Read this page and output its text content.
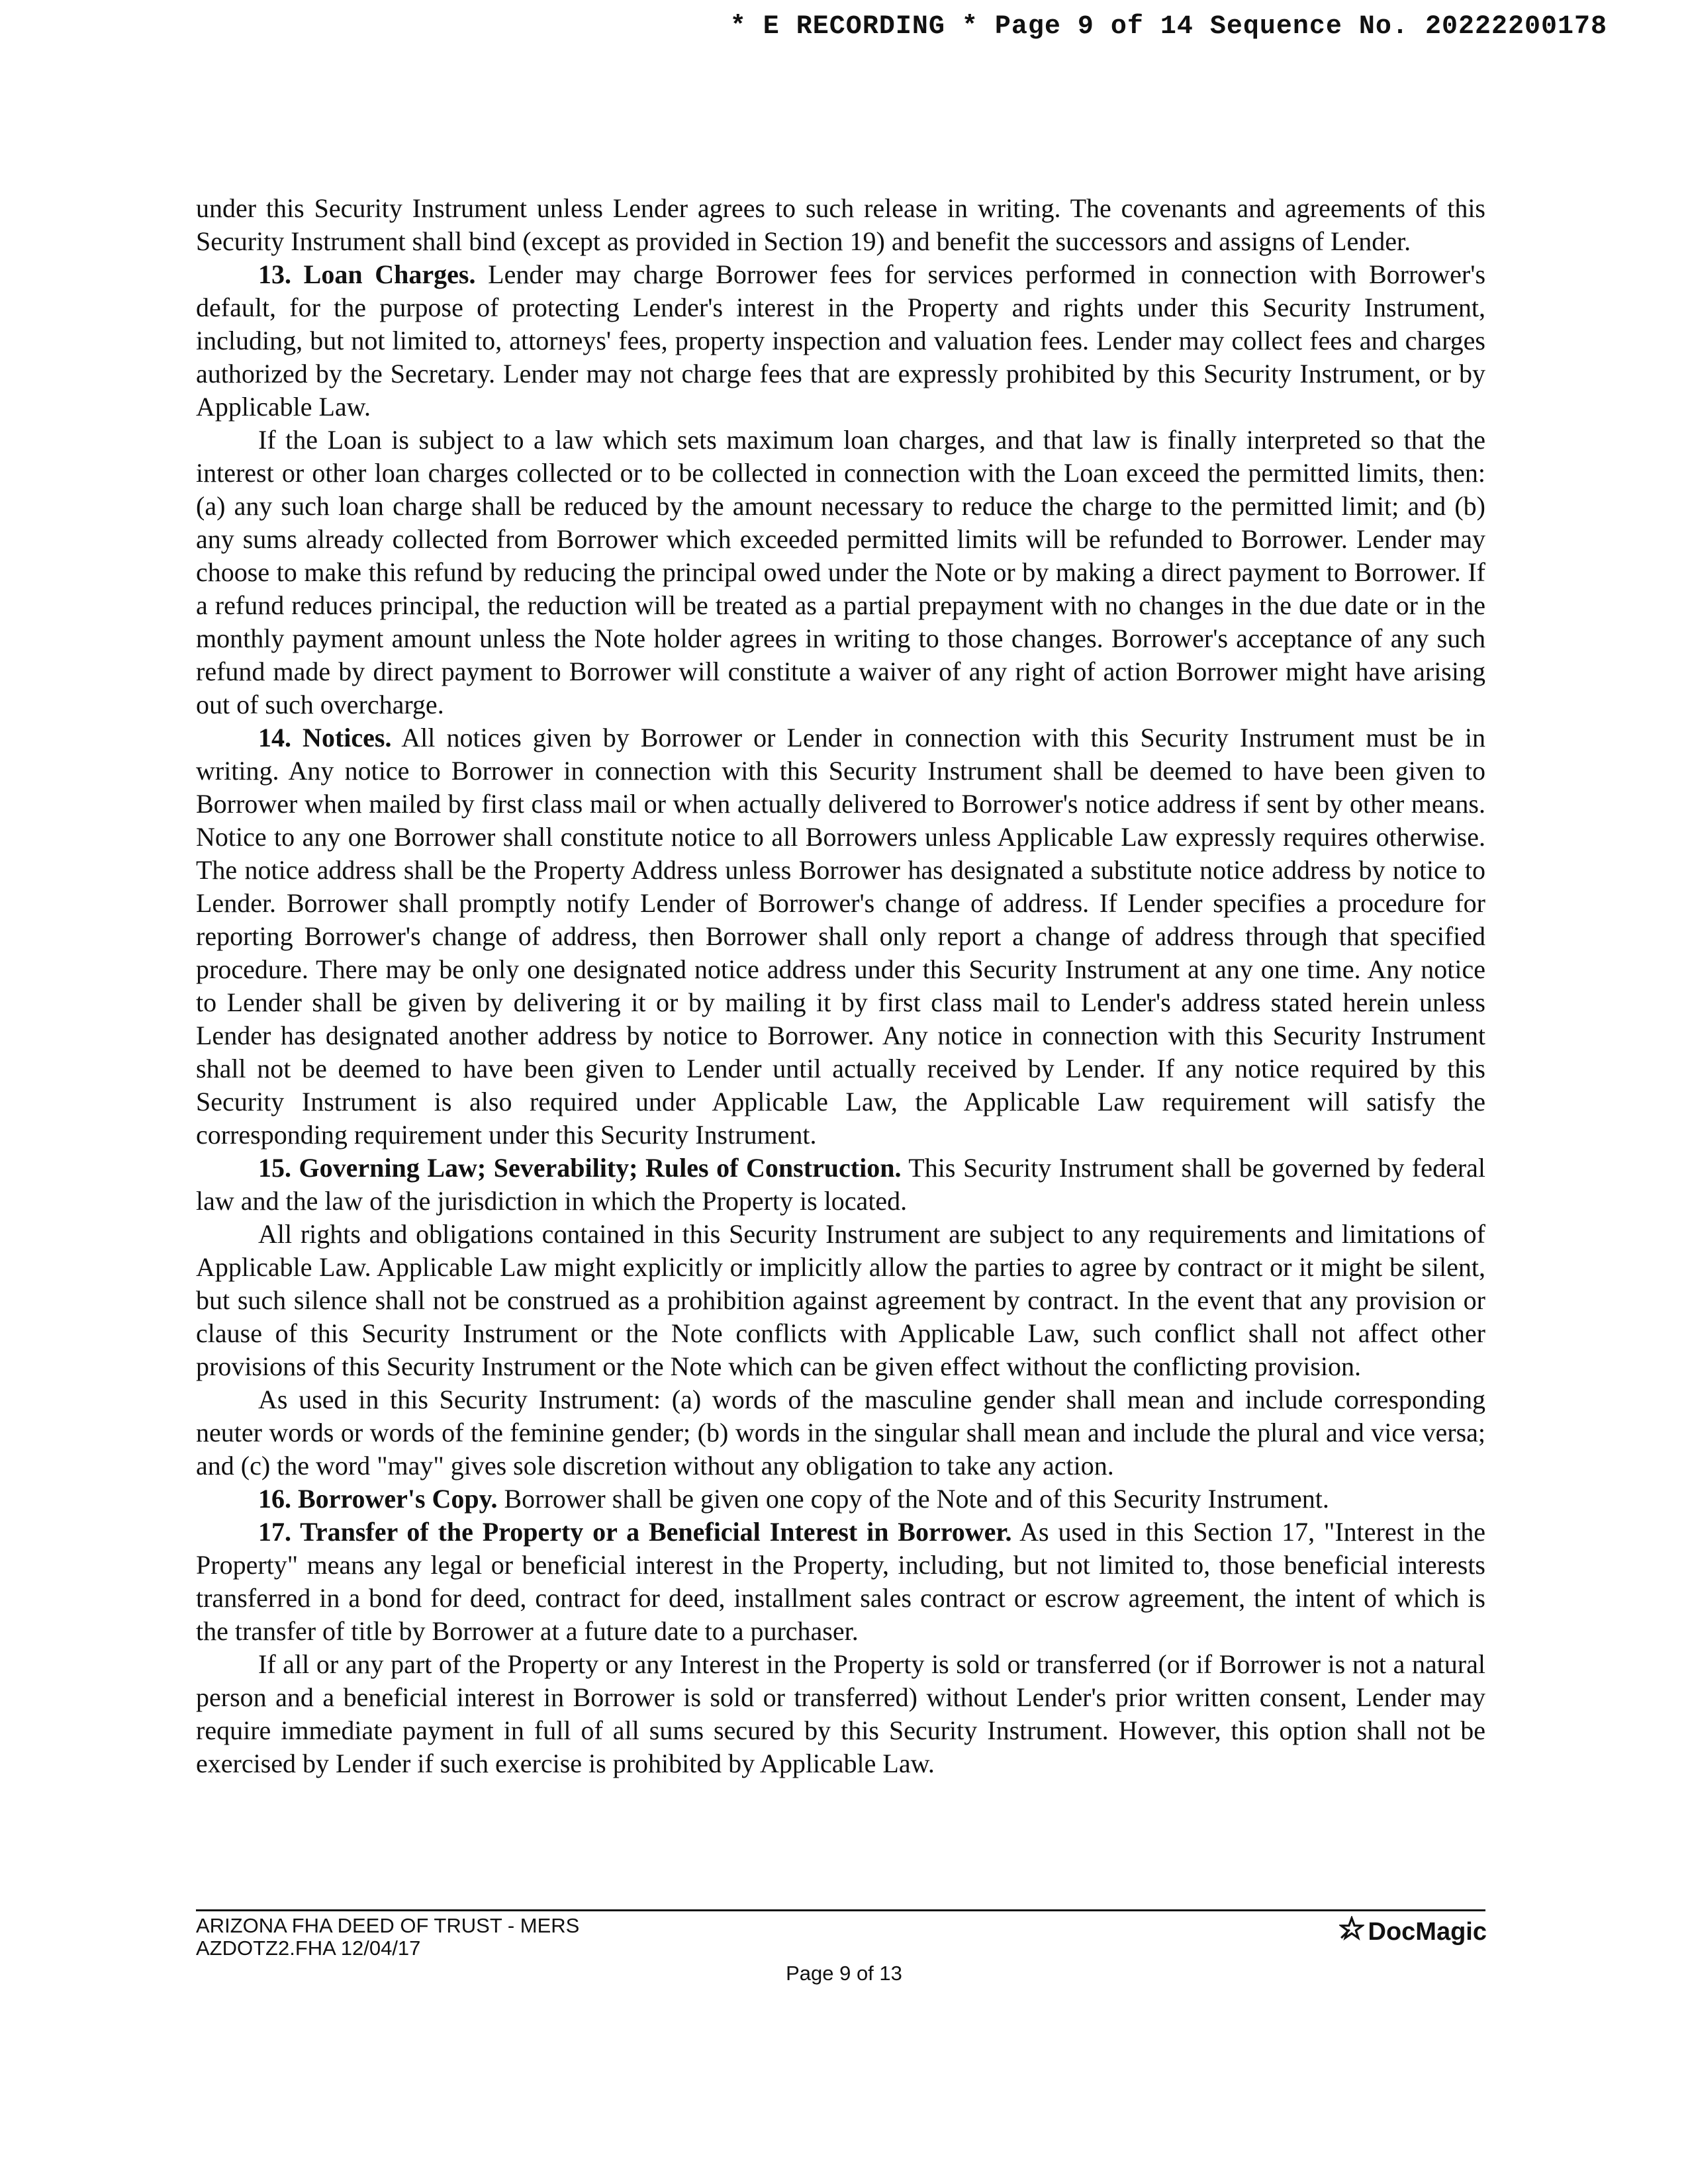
* E RECORDING * Page 9 of 14 Sequence No. 20222200178

under this Security Instrument unless Lender agrees to such release in writing. The covenants and agreements of this Security Instrument shall bind (except as provided in Section 19) and benefit the successors and assigns of Lender.

13. Loan Charges. Lender may charge Borrower fees for services performed in connection with Borrower's default, for the purpose of protecting Lender's interest in the Property and rights under this Security Instrument, including, but not limited to, attorneys' fees, property inspection and valuation fees. Lender may collect fees and charges authorized by the Secretary. Lender may not charge fees that are expressly prohibited by this Security Instrument, or by Applicable Law.

If the Loan is subject to a law which sets maximum loan charges, and that law is finally interpreted so that the interest or other loan charges collected or to be collected in connection with the Loan exceed the permitted limits, then: (a) any such loan charge shall be reduced by the amount necessary to reduce the charge to the permitted limit; and (b) any sums already collected from Borrower which exceeded permitted limits will be refunded to Borrower. Lender may choose to make this refund by reducing the principal owed under the Note or by making a direct payment to Borrower. If a refund reduces principal, the reduction will be treated as a partial prepayment with no changes in the due date or in the monthly payment amount unless the Note holder agrees in writing to those changes. Borrower's acceptance of any such refund made by direct payment to Borrower will constitute a waiver of any right of action Borrower might have arising out of such overcharge.

14. Notices. All notices given by Borrower or Lender in connection with this Security Instrument must be in writing. Any notice to Borrower in connection with this Security Instrument shall be deemed to have been given to Borrower when mailed by first class mail or when actually delivered to Borrower's notice address if sent by other means. Notice to any one Borrower shall constitute notice to all Borrowers unless Applicable Law expressly requires otherwise. The notice address shall be the Property Address unless Borrower has designated a substitute notice address by notice to Lender. Borrower shall promptly notify Lender of Borrower's change of address. If Lender specifies a procedure for reporting Borrower's change of address, then Borrower shall only report a change of address through that specified procedure. There may be only one designated notice address under this Security Instrument at any one time. Any notice to Lender shall be given by delivering it or by mailing it by first class mail to Lender's address stated herein unless Lender has designated another address by notice to Borrower. Any notice in connection with this Security Instrument shall not be deemed to have been given to Lender until actually received by Lender. If any notice required by this Security Instrument is also required under Applicable Law, the Applicable Law requirement will satisfy the corresponding requirement under this Security Instrument.

15. Governing Law; Severability; Rules of Construction. This Security Instrument shall be governed by federal law and the law of the jurisdiction in which the Property is located.

All rights and obligations contained in this Security Instrument are subject to any requirements and limitations of Applicable Law. Applicable Law might explicitly or implicitly allow the parties to agree by contract or it might be silent, but such silence shall not be construed as a prohibition against agreement by contract. In the event that any provision or clause of this Security Instrument or the Note conflicts with Applicable Law, such conflict shall not affect other provisions of this Security Instrument or the Note which can be given effect without the conflicting provision.

As used in this Security Instrument: (a) words of the masculine gender shall mean and include corresponding neuter words or words of the feminine gender; (b) words in the singular shall mean and include the plural and vice versa; and (c) the word "may" gives sole discretion without any obligation to take any action.

16. Borrower's Copy. Borrower shall be given one copy of the Note and of this Security Instrument.

17. Transfer of the Property or a Beneficial Interest in Borrower. As used in this Section 17, "Interest in the Property" means any legal or beneficial interest in the Property, including, but not limited to, those beneficial interests transferred in a bond for deed, contract for deed, installment sales contract or escrow agreement, the intent of which is the transfer of title by Borrower at a future date to a purchaser.

If all or any part of the Property or any Interest in the Property is sold or transferred (or if Borrower is not a natural person and a beneficial interest in Borrower is sold or transferred) without Lender's prior written consent, Lender may require immediate payment in full of all sums secured by this Security Instrument. However, this option shall not be exercised by Lender if such exercise is prohibited by Applicable Law.

ARIZONA FHA DEED OF TRUST - MERS
AZDOTZ2.FHA 12/04/17
DocMagic
Page 9 of 13
